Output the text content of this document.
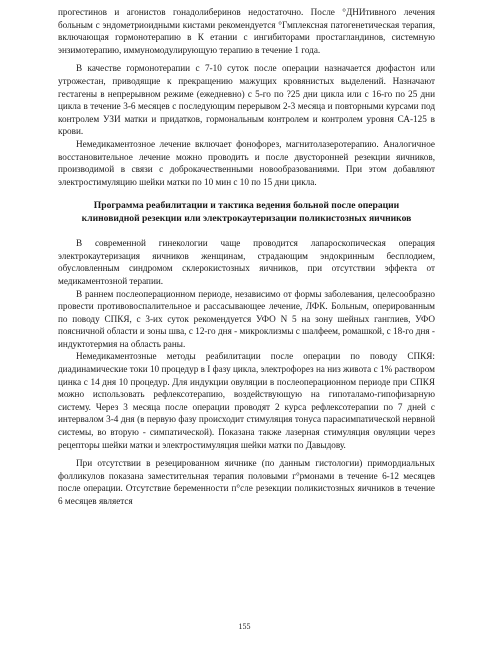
прогестинов и агонистов гонадолиберинов недостаточно. После °ДНИтивного лечения больным с эндометриоидными кистами рекомендуется °Гмплексная патогенетическая терапия, включающая гормонотерапию в К етании с ингибиторами простагландинов, системную энзимотерапию, иммуномодулирующую терапию в течение 1 года.

В качестве гормонотерапии с 7-10 суток после операции назначается дюфастон или утрожестан, приводящие к прекращению мажущих кровянистых выделений. Назначают гестагены в непрерывном режиме (ежедневно) с 5-го по ?25 дни цикла или с 16-го по 25 дни цикла в течение 3-6 месяцев с последующим перерывом 2-3 месяца и повторными курсами под контролем УЗИ матки и придатков, гормональным контролем и контролем уровня СА-125 в крови.

Немедикаментозное лечение включает фонофорез, магнитолазеротерапию. Аналогичное восстановительное лечение можно проводить и после двусторонней резекции яичников, производимой в связи с доброкачественными новообразованиями. При этом добавляют электростимуляцию шейки матки по 10 мин с 10 по 15 дни цикла.

Программа реабилитации и тактика ведения больной после операции клиновидной резекции или электрокаутеризации поликистозных яичников

В современной гинекологии чаще проводится лапароскопическая операция электрокаутеризация яичников женщинам, страдающим эндокринным бесплодием, обусловленным синдромом склерокистозных яичников, при отсутствии эффекта от медикаментозной терапии.

В раннем послеоперационном периоде, независимо от формы заболевания, целесообразно провести противовоспалительное и рассасывающее лечение, ЛФК. Больным, оперированным по поводу СПКЯ, с 3-их суток рекомендуется УФО N 5 на зону шейных ганглиев, УФО поясничной области и зоны шва, с 12-го дня - микроклизмы с шалфеем, ромашкой, с 18-го дня - индуктотермия на область раны.

Немедикаментозные методы реабилитации после операции по поводу СПКЯ: диадинамические токи 10 процедур в I фазу цикла, электрофорез на низ живота с 1% раствором цинка с 14 дня 10 процедур. Для индукции овуляции в послеоперационном периоде при СПКЯ можно использовать рефлексотерапию, воздействующую на гипоталамо-гипофизарную систему. Через 3 месяца после операции проводят 2 курса рефлексотерапии по 7 дней с интервалом 3-4 дня (в первую фазу происходит стимуляция тонуса парасимпатической нервной системы, во вторую - симпатической). Показана также лазерная стимуляция овуляции через рецепторы шейки матки и электростимуляция шейки матки по Давыдову.

При отсутствии в резецированном яичнике (по данным гистологии) примордиальных фолликулов показана заместительная терапия половыми г°рмонами в течение 6-12 месяцев после операции. Отсутствие беременности п°сле резекции поликистозных яичников в течение 6 месяцев является

155
